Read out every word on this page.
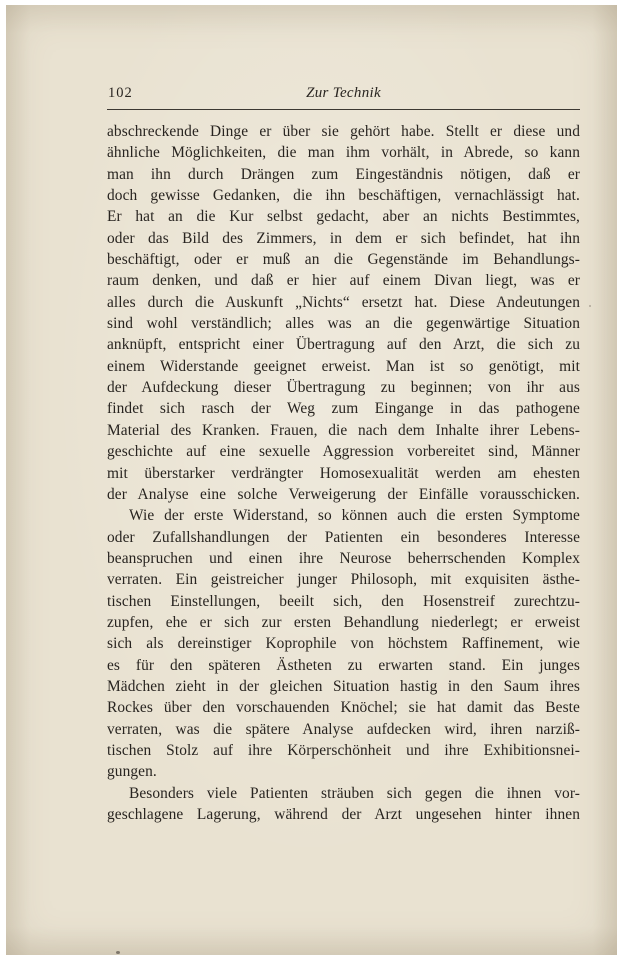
102	Zur Technik
abschreckende Dinge er über sie gehört habe. Stellt er diese und
ähnliche Möglichkeiten, die man ihm vorhält, in Abrede, so kann
man ihn durch Drängen zum Eingeständnis nötigen, daß er
doch gewisse Gedanken, die ihn beschäftigen, vernachlässigt hat.
Er hat an die Kur selbst gedacht, aber an nichts Bestimmtes,
oder das Bild des Zimmers, in dem er sich befindet, hat ihn
beschäftigt, oder er muß an die Gegenstände im Behandlungs-
raum denken, und daß er hier auf einem Divan liegt, was er
alles durch die Auskunft „Nichts“ ersetzt hat. Diese Andeutungen
sind wohl verständlich; alles was an die gegenwärtige Situation
anknüpft, entspricht einer Übertragung auf den Arzt, die sich zu
einem Widerstande geeignet erweist. Man ist so genötigt, mit
der Aufdeckung dieser Übertragung zu beginnen; von ihr aus
findet sich rasch der Weg zum Eingange in das pathogene
Material des Kranken. Frauen, die nach dem Inhalte ihrer Lebens-
geschichte auf eine sexuelle Aggression vorbereitet sind, Männer
mit überstarker verdrängter Homosexualität werden am ehesten
der Analyse eine solche Verweigerung der Einfälle vorausschicken.
Wie der erste Widerstand, so können auch die ersten Symptome
oder Zufallshandlungen der Patienten ein besonderes Interesse
beanspruchen und einen ihre Neurose beherrschenden Komplex
verraten. Ein geistreicher junger Philosoph, mit exquisiten ästhe-
tischen Einstellungen, beeilt sich, den Hosenstreif zurechtzu-
zupfen, ehe er sich zur ersten Behandlung niederlegt; er erweist
sich als dereinstiger Koprophile von höchstem Raffinement, wie
es für den späteren Ästheten zu erwarten stand. Ein junges
Mädchen zieht in der gleichen Situation hastig in den Saum ihres
Rockes über den vorschauenden Knöchel; sie hat damit das Beste
verraten, was die spätere Analyse aufdecken wird, ihren narziß-
tischen Stolz auf ihre Körperschönheit und ihre Exhibitionsnei-
gungen.
Besonders viele Patienten sträuben sich gegen die ihnen vor-
geschlagene Lagerung, während der Arzt ungesehen hinter ihnen
